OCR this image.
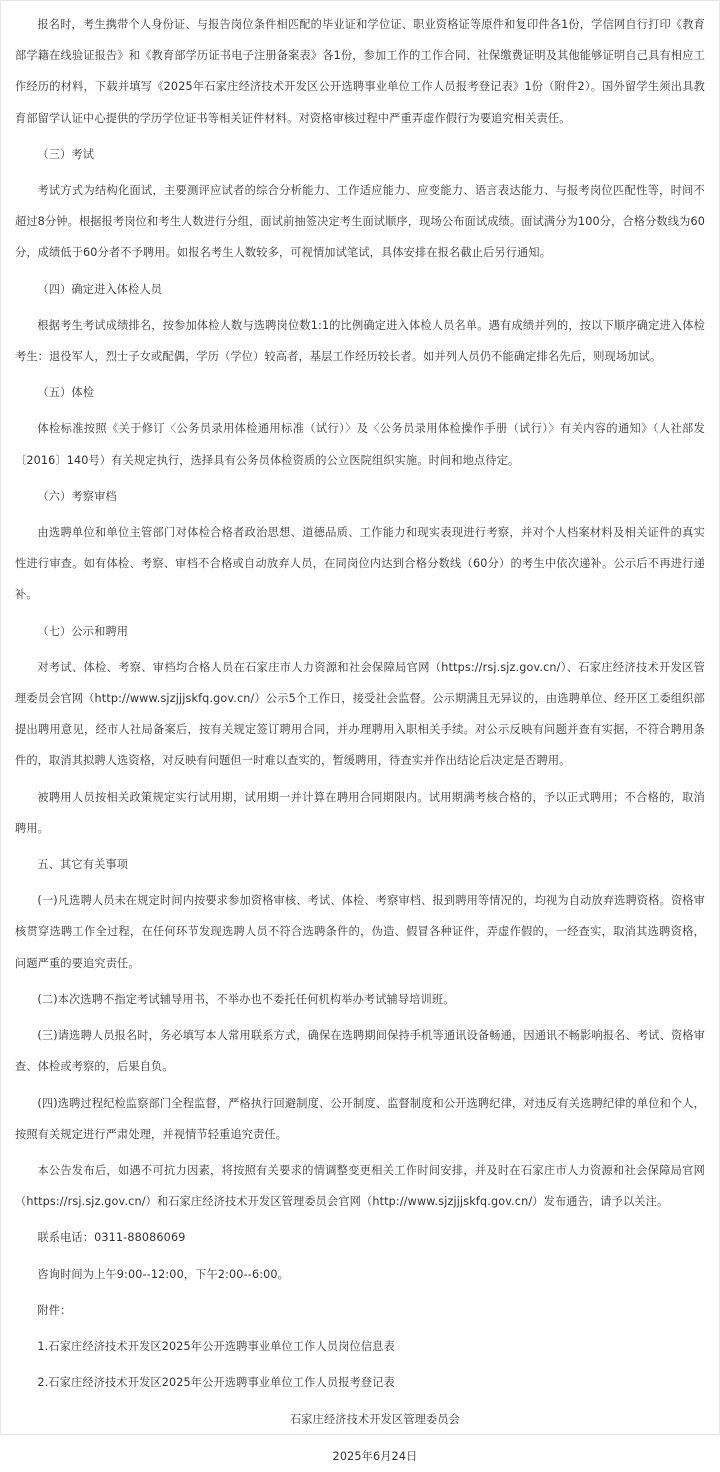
报名时，考生携带个人身份证、与报告岗位条件相匹配的毕业证和学位证、职业资格证等原件和复印件各1份，学信网自行打印《教育部学籍在线验证报告》和《教育部学历证书电子注册备案表》各1份，参加工作的工作合同、社保缴费证明及其他能够证明自己具有相应工作经历的材料，下载并填写《2025年石家庄经济技术开发区公开选聘事业单位工作人员报考登记表》1份（附件2）。国外留学生须出具教育部留学认证中心提供的学历学位证书等相关证件材料。对资格审核过程中严重弄虚作假行为要追究相关责任。

（三）考试

考试方式为结构化面试，主要测评应试者的综合分析能力、工作适应能力、应变能力、语言表达能力、与报考岗位匹配性等，时间不超过8分钟。根据报考岗位和考生人数进行分组，面试前抽签决定考生面试顺序，现场公布面试成绩。面试满分为100分，合格分数线为60分，成绩低于60分者不予聘用。如报名考生人数较多，可视情加试笔试，具体安排在报名截止后另行通知。

（四）确定进入体检人员

根据考生考试成绩排名，按参加体检人数与选聘岗位数1:1的比例确定进入体检人员名单。遇有成绩并列的，按以下顺序确定进入体检考生：退役军人，烈士子女或配偶，学历（学位）较高者，基层工作经历较长者。如并列人员仍不能确定排名先后，则现场加试。

（五）体检

体检标准按照《关于修订〈公务员录用体检通用标准（试行）〉及〈公务员录用体检操作手册（试行）〉有关内容的通知》（人社部发〔2016〕140号）有关规定执行，选择具有公务员体检资质的公立医院组织实施。时间和地点待定。

（六）考察审档

由选聘单位和单位主管部门对体检合格者政治思想、道德品质、工作能力和现实表现进行考察，并对个人档案材料及相关证件的真实性进行审查。如有体检、考察、审档不合格或自动放弃人员，在同岗位内达到合格分数线（60分）的考生中依次递补。公示后不再进行递补。

（七）公示和聘用

对考试、体检、考察、审档均合格人员在石家庄市人力资源和社会保障局官网（https://rsj.sjz.gov.cn/）、石家庄经济技术开发区管理委员会官网（http://www.sjzjjjskfq.gov.cn/）公示5个工作日，接受社会监督。公示期满且无异议的，由选聘单位、经开区工委组织部提出聘用意见，经市人社局备案后，按有关规定签订聘用合同，并办理聘用入职相关手续。对公示反映有问题并查有实据，不符合聘用条件的，取消其拟聘人选资格，对反映有问题但一时难以查实的，暂缓聘用，待查实并作出结论后决定是否聘用。

被聘用人员按相关政策规定实行试用期，试用期一并计算在聘用合同期限内。试用期满考核合格的，予以正式聘用；不合格的，取消聘用。

五、其它有关事项

(一)凡选聘人员未在规定时间内按要求参加资格审核、考试、体检、考察审档、报到聘用等情况的，均视为自动放弃选聘资格。资格审核贯穿选聘工作全过程，在任何环节发现选聘人员不符合选聘条件的，伪造、假冒各种证件，弄虚作假的，一经查实，取消其选聘资格，问题严重的要追究责任。

(二)本次选聘不指定考试辅导用书，不举办也不委托任何机构举办考试辅导培训班。

(三)请选聘人员报名时，务必填写本人常用联系方式，确保在选聘期间保持手机等通讯设备畅通，因通讯不畅影响报名、考试、资格审查、体检或考察的，后果自负。

(四)选聘过程纪检监察部门全程监督，严格执行回避制度、公开制度、监督制度和公开选聘纪律，对违反有关选聘纪律的单位和个人，按照有关规定进行严肃处理，并视情节轻重追究责任。

本公告发布后，如遇不可抗力因素，将按照有关要求的情调整变更相关工作时间安排，并及时在石家庄市人力资源和社会保障局官网（https://rsj.sjz.gov.cn/）和石家庄经济技术开发区管理委员会官网（http://www.sjzjjjskfq.gov.cn/）发布通告，请予以关注。

联系电话：0311-88086069

咨询时间为上午9:00--12:00，下午2:00--6:00。

附件：

1.石家庄经济技术开发区2025年公开选聘事业单位工作人员岗位信息表

2.石家庄经济技术开发区2025年公开选聘事业单位工作人员报考登记表

石家庄经济技术开发区管理委员会

2025年6月24日
